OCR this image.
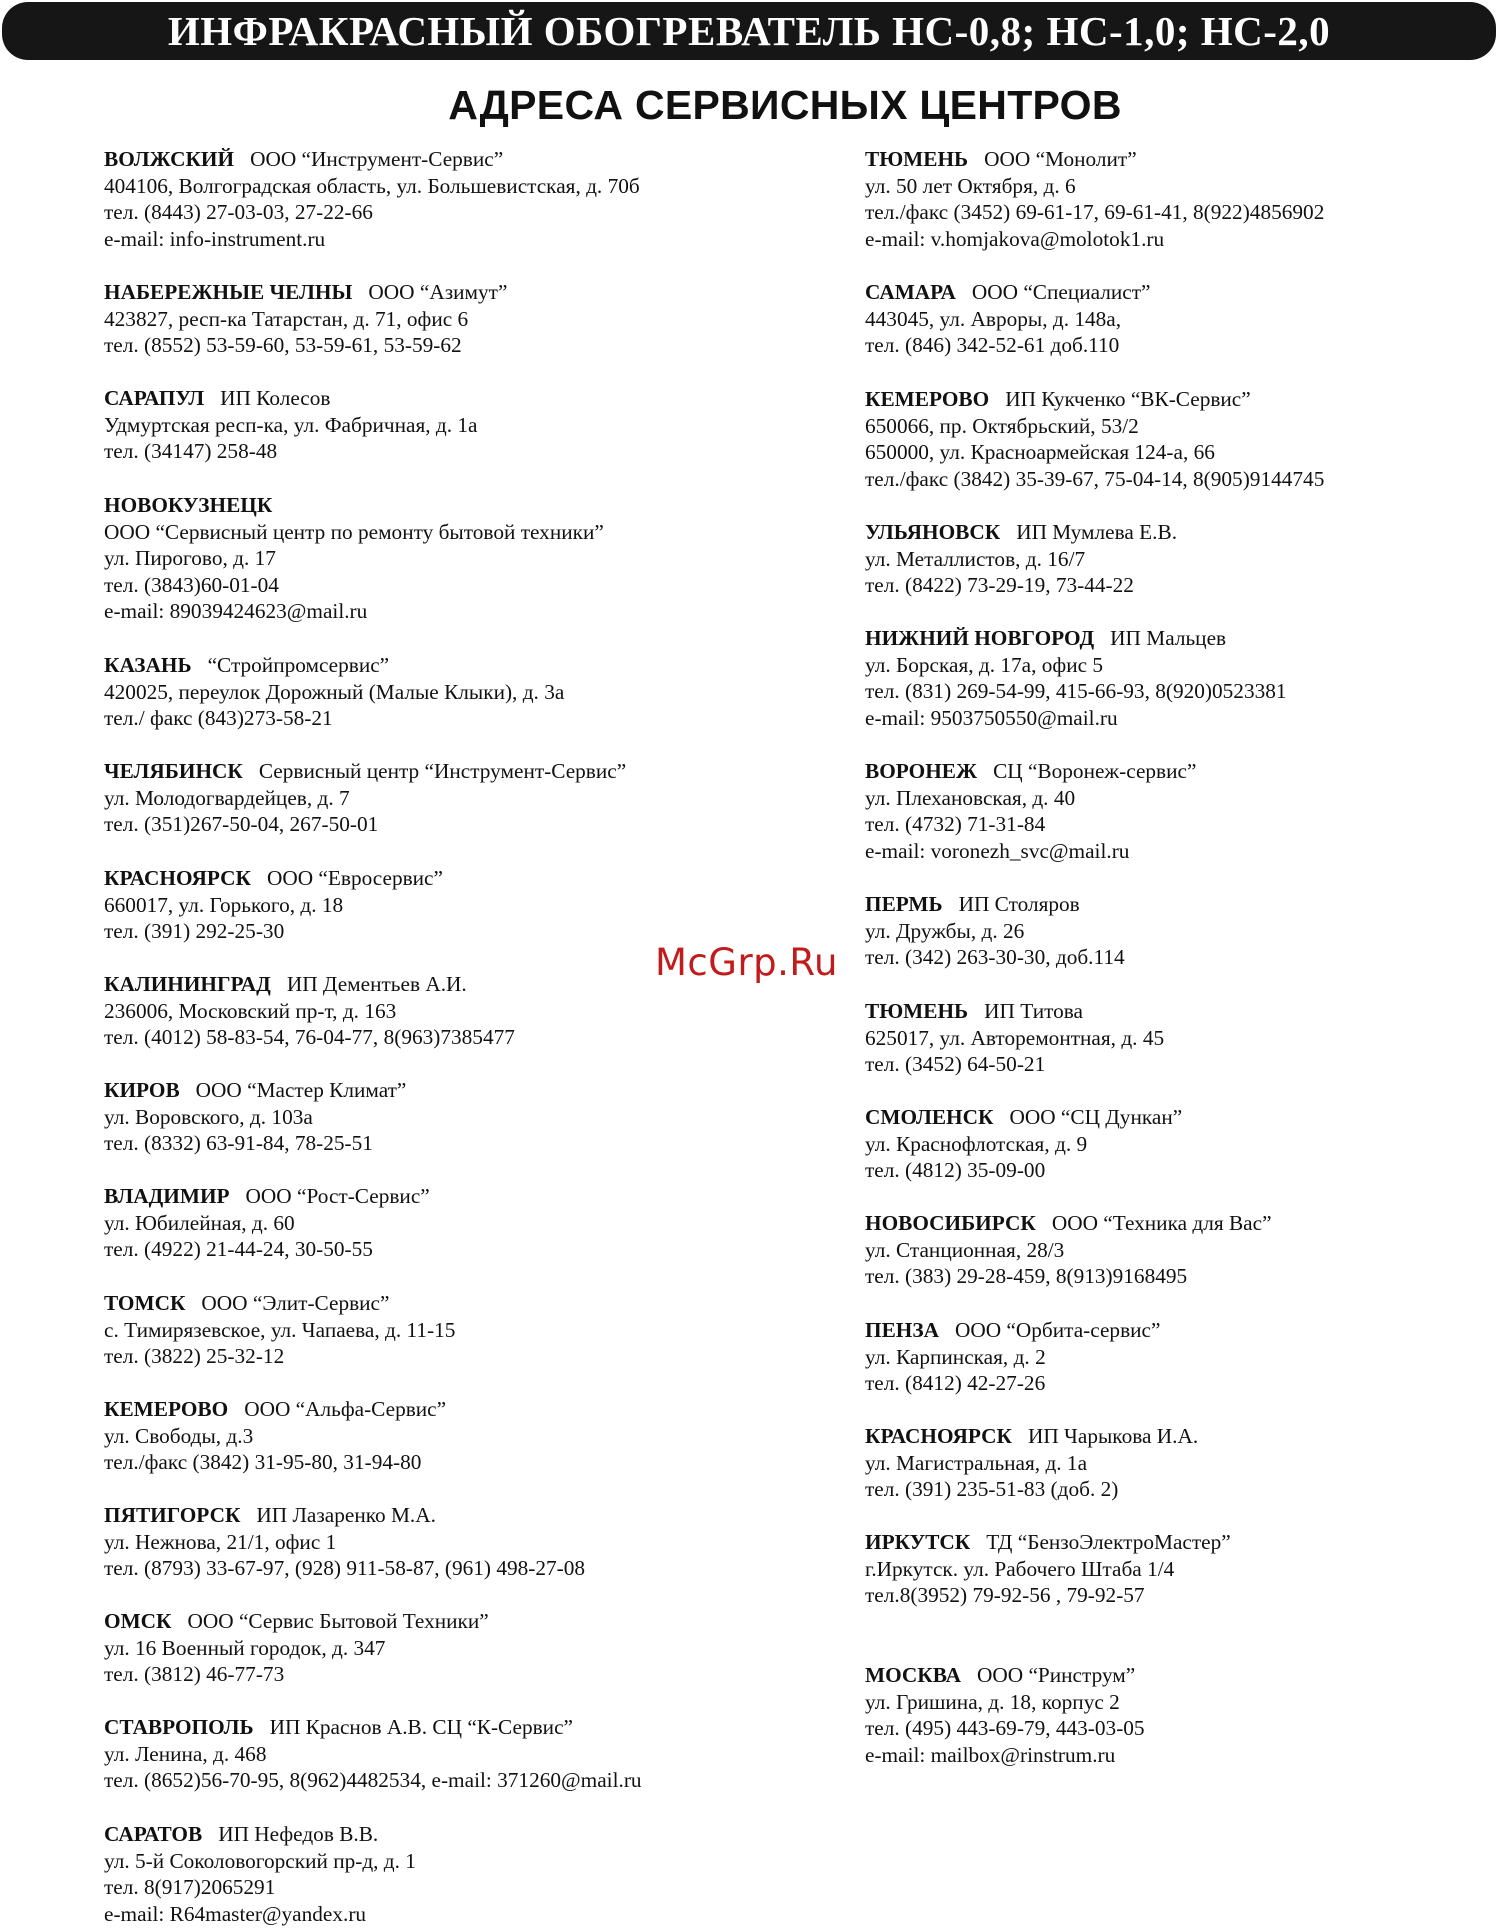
ИНФРАКРАСНЫЙ ОБОГРЕВАТЕЛЬ НС-0,8; НС-1,0; НС-2,0
АДРЕСА СЕРВИСНЫХ ЦЕНТРОВ
ВОЛЖСКИЙ ООО “Инструмент-Сервис”
404106, Волгоградская область, ул. Большевистская, д. 70б
тел. (8443) 27-03-03, 27-22-66
e-mail: info-instrument.ru
НАБЕРЕЖНЫЕ ЧЕЛНЫ ООО “Азимут”
423827, респ-ка Татарстан, д. 71, офис 6
тел. (8552) 53-59-60, 53-59-61, 53-59-62
САРАПУЛ ИП Колесов
Удмуртская респ-ка, ул. Фабричная, д. 1а
тел. (34147) 258-48
НОВОКУЗНЕЦК
ООО “Сервисный центр по ремонту бытовой техники”
ул. Пирогово, д. 17
тел. (3843)60-01-04
e-mail: 89039424623@mail.ru
КАЗАНЬ “Стройпромсервис”
420025, переулок Дорожный (Малые Клыки), д. 3а
тел./ факс (843)273-58-21
ЧЕЛЯБИНСК Сервисный центр “Инструмент-Сервис”
ул. Молодогвардейцев, д. 7
тел. (351)267-50-04, 267-50-01
КРАСНОЯРСК ООО “Евросервис”
660017, ул. Горького, д. 18
тел. (391) 292-25-30
КАЛИНИНГРАД ИП Дементьев А.И.
236006, Московский пр-т, д. 163
тел. (4012) 58-83-54, 76-04-77, 8(963)7385477
КИРОВ ООО “Мастер Климат”
ул. Воровского, д. 103а
тел. (8332) 63-91-84, 78-25-51
ВЛАДИМИР ООО “Рост-Сервис”
ул. Юбилейная, д. 60
тел. (4922) 21-44-24, 30-50-55
ТОМСК ООО “Элит-Сервис”
с. Тимирязевское, ул. Чапаева, д. 11-15
тел. (3822) 25-32-12
КЕМЕРОВО ООО “Альфа-Сервис”
ул. Свободы, д.3
тел./факс (3842) 31-95-80, 31-94-80
ПЯТИГОРСК ИП Лазаренко М.А.
ул. Нежнова, 21/1, офис 1
тел. (8793) 33-67-97, (928) 911-58-87, (961) 498-27-08
ОМСК ООО “Сервис Бытовой Техники”
ул. 16 Военный городок, д. 347
тел. (3812) 46-77-73
СТАВРОПОЛЬ ИП Краснов А.В. СЦ “К-Сервис”
ул. Ленина, д. 468
тел. (8652)56-70-95, 8(962)4482534, e-mail: 371260@mail.ru
САРАТОВ ИП Нефедов В.В.
ул. 5-й Соколовогорский пр-д, д. 1
тел. 8(917)2065291
e-mail: R64master@yandex.ru
ТЮМЕНЬ ООО “Монолит”
ул. 50 лет Октября, д. 6
тел./факс (3452) 69-61-17, 69-61-41, 8(922)4856902
e-mail: v.homjakova@molotok1.ru
САМАРА ООО “Специалист”
443045, ул. Авроры, д. 148а,
тел. (846) 342-52-61 доб.110
КЕМЕРОВО ИП Кукченко “ВК-Сервис”
650066, пр. Октябрьский, 53/2
650000, ул. Красноармейская 124-а, 66
тел./факс (3842) 35-39-67, 75-04-14, 8(905)9144745
УЛЬЯНОВСК ИП Мумлева Е.В.
ул. Металлистов, д. 16/7
тел. (8422) 73-29-19, 73-44-22
НИЖНИЙ НОВГОРОД ИП Мальцев
ул. Борская, д. 17а, офис 5
тел. (831) 269-54-99, 415-66-93, 8(920)0523381
e-mail: 9503750550@mail.ru
ВОРОНЕЖ СЦ “Воронеж-сервис”
ул. Плехановская, д. 40
тел. (4732) 71-31-84
e-mail: voronezh_svc@mail.ru
ПЕРМЬ ИП Столяров
ул. Дружбы, д. 26
тел. (342) 263-30-30, доб.114
ТЮМЕНЬ ИП Титова
625017, ул. Авторемонтная, д. 45
тел. (3452) 64-50-21
СМОЛЕНСК ООО “СЦ Дункан”
ул. Краснофлотская, д. 9
тел. (4812) 35-09-00
НОВОСИБИРСК ООО “Техника для Вас”
ул. Станционная, 28/3
тел. (383) 29-28-459, 8(913)9168495
ПЕНЗА ООО “Орбита-сервис”
ул. Карпинская, д. 2
тел. (8412) 42-27-26
КРАСНОЯРСК ИП Чарыкова И.А.
ул. Магистральная, д. 1а
тел. (391) 235-51-83 (доб. 2)
ИРКУТСК ТД “БензоЭлектроМастер”
г.Иркутск. ул. Рабочего Штаба 1/4
тел.8(3952) 79-92-56 , 79-92-57
МОСКВА ООО “Ринструм”
ул. Гришина, д. 18, корпус 2
тел. (495) 443-69-79, 443-03-05
e-mail: mailbox@rinstrum.ru
McGrp.Ru
